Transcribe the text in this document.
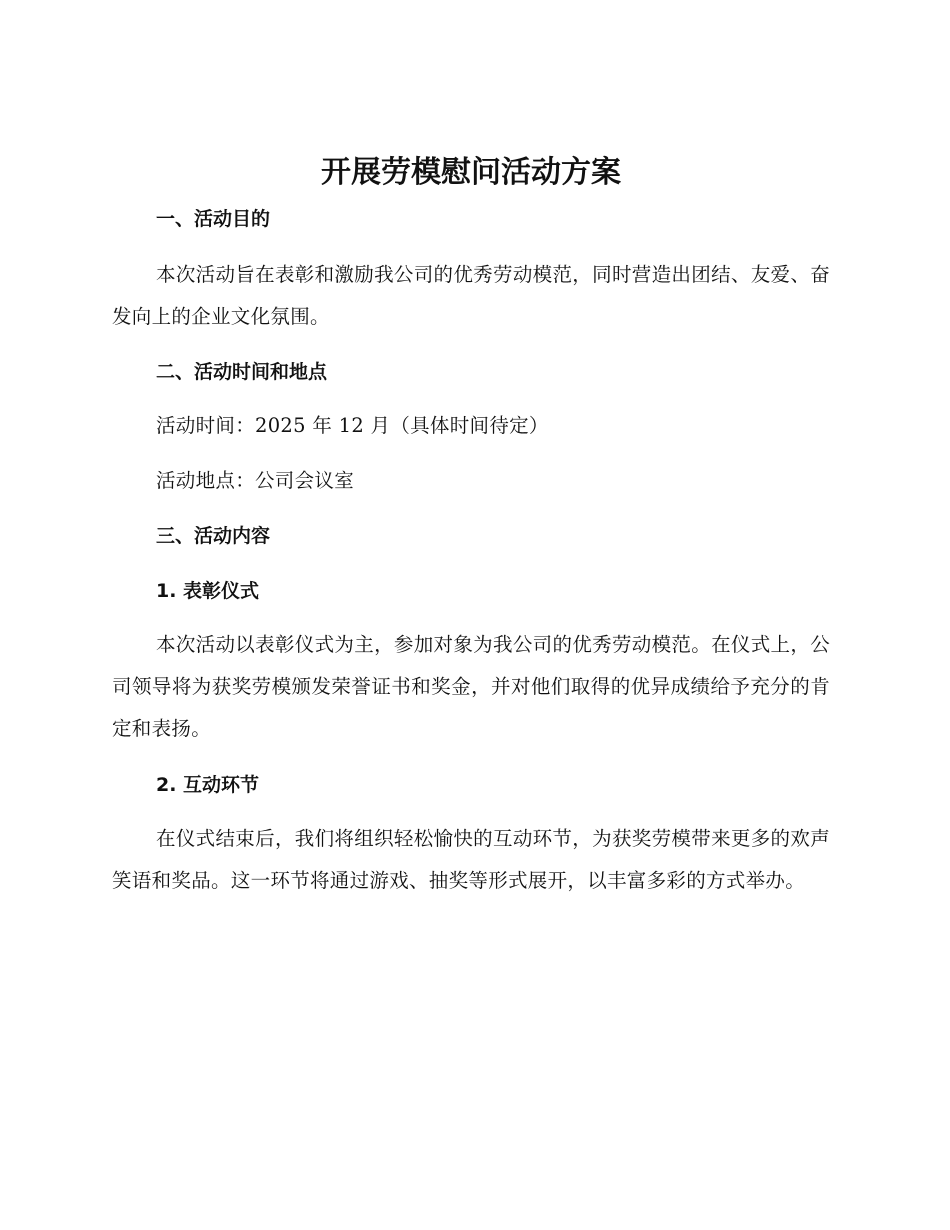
开展劳模慰问活动方案
一、活动目的

本次活动旨在表彰和激励我公司的优秀劳动模范，同时营造出团结、友爱、奋发向上的企业文化氛围。

二、活动时间和地点

活动时间：2025 年 12 月（具体时间待定）

活动地点：公司会议室

三、活动内容
1. 表彰仪式

本次活动以表彰仪式为主，参加对象为我公司的优秀劳动模范。在仪式上，公司领导将为获奖劳模颁发荣誉证书和奖金，并对他们取得的优异成绩给予充分的肯定和表扬。

2. 互动环节

在仪式结束后，我们将组织轻松愉快的互动环节，为获奖劳模带来更多的欢声笑语和奖品。这一环节将通过游戏、抽奖等形式展开，以丰富多彩的方式举办。
